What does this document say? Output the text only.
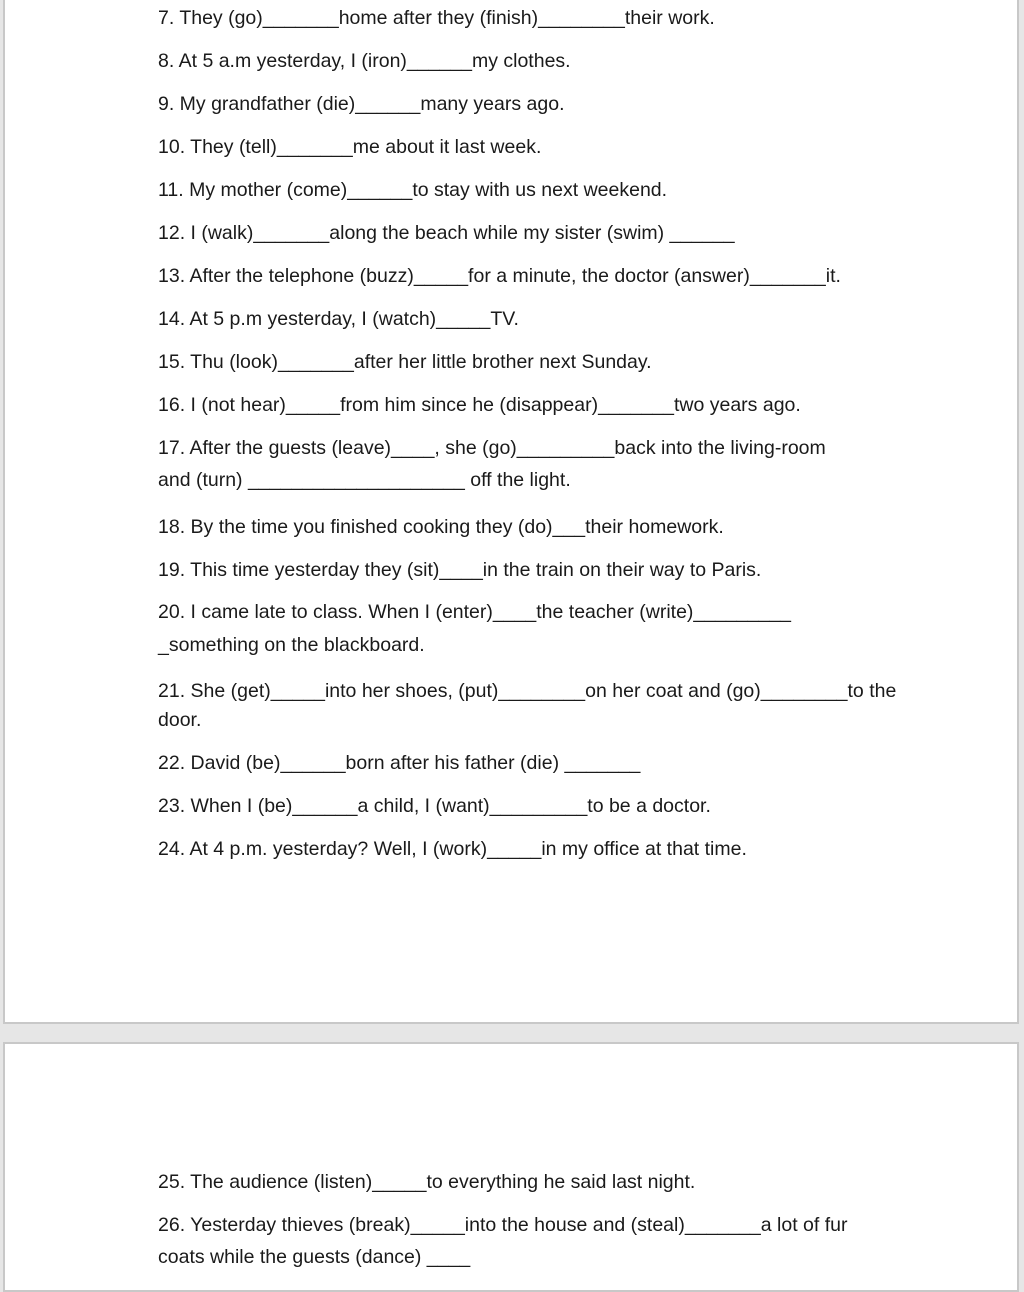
7. They (go)_______home after they (finish)________their work.
8. At 5 a.m yesterday, I (iron)______my clothes.
9. My grandfather (die)______many years ago.
10. They (tell)_______me about it last week.
11. My mother (come)______to stay with us next weekend.
12. I (walk)_______along the beach while my sister (swim) ______
13. After the telephone (buzz)_____for a minute, the doctor (answer)_______it.
14. At 5 p.m yesterday, I (watch)_____TV.
15. Thu (look)_______after her little brother next Sunday.
16. I (not hear)_____from him since he (disappear)_______two years ago.
17. After the guests (leave)____, she (go)_________back into the living-room
and (turn) ____________________ off the light.
18. By the time you finished cooking they (do)___their homework.
19. This time yesterday they (sit)____in the train on their way to Paris.
20. I came late to class. When I (enter)____the teacher (write)_________
_something on the blackboard.
21. She (get)_____into her shoes, (put)________on her coat and (go)________to the
door.
22. David (be)______born after his father (die) _______
23. When I (be)______a child, I (want)_________to be a doctor.
24. At 4 p.m. yesterday? Well, I (work)_____in my office at that time.
25. The audience (listen)_____to everything he said last night.
26. Yesterday thieves (break)_____into the house and (steal)_______a lot of fur
coats while the guests (dance) ____
